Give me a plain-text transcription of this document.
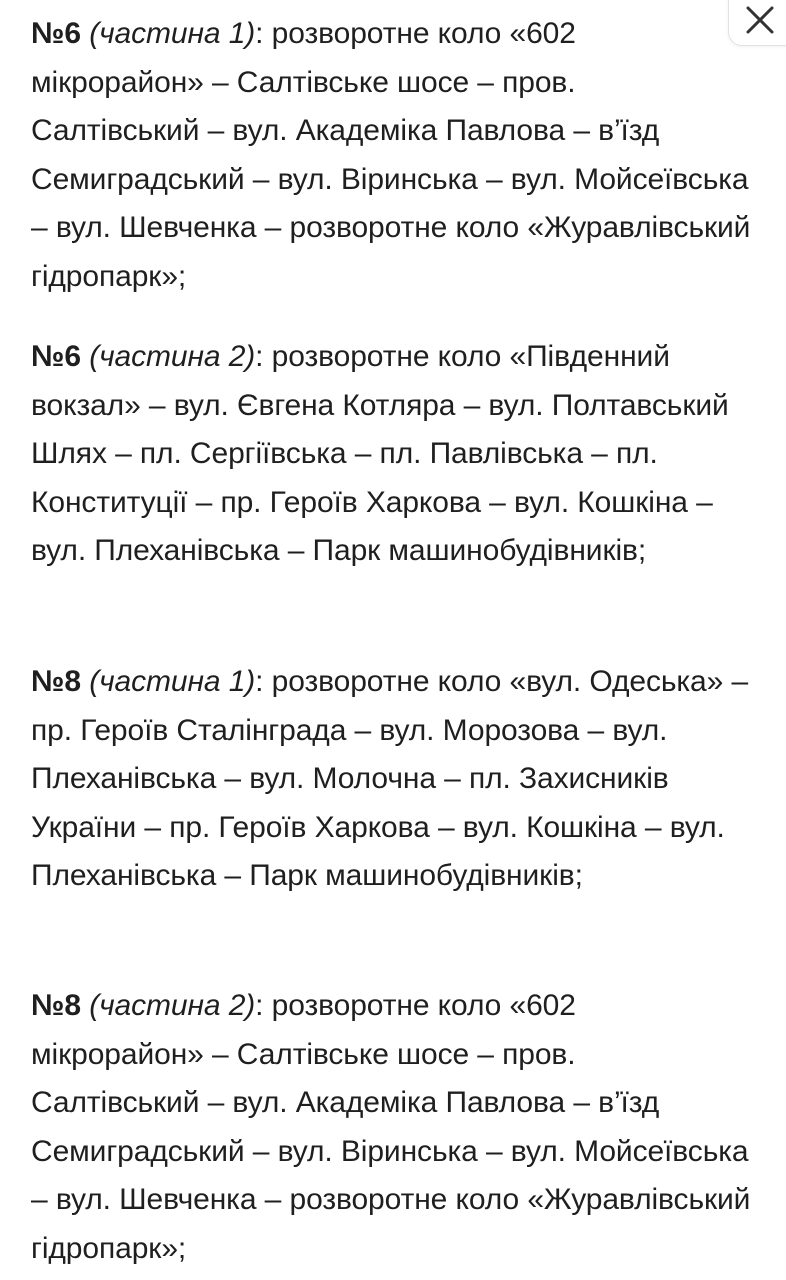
№6 (частина 1): розворотне коло «602 мікрорайон» – Салтівське шосе – пров. Салтівський – вул. Академіка Павлова – в’їзд Семиградський – вул. Віринська – вул. Мойсеївська – вул. Шевченка – розворотне коло «Журавлівський гідропарк»;

№6 (частина 2): розворотне коло «Південний вокзал» – вул. Євгена Котляра – вул. Полтавський Шлях – пл. Сергіївська – пл. Павлівська – пл. Конституції – пр. Героїв Харкова – вул. Кошкіна – вул. Плеханівська – Парк машинобудівників;

№8 (частина 1): розворотне коло «вул. Одеська» – пр. Героїв Сталінграда – вул. Морозова – вул. Плеханівська – вул. Молочна – пл. Захисників України – пр. Героїв Харкова – вул. Кошкіна – вул. Плеханівська – Парк машинобудівників;

№8 (частина 2): розворотне коло «602 мікрорайон» – Салтівське шосе – пров. Салтівський – вул. Академіка Павлова – в’їзд Семиградський – вул. Віринська – вул. Мойсеївська – вул. Шевченка – розворотне коло «Журавлівський гідропарк»;
